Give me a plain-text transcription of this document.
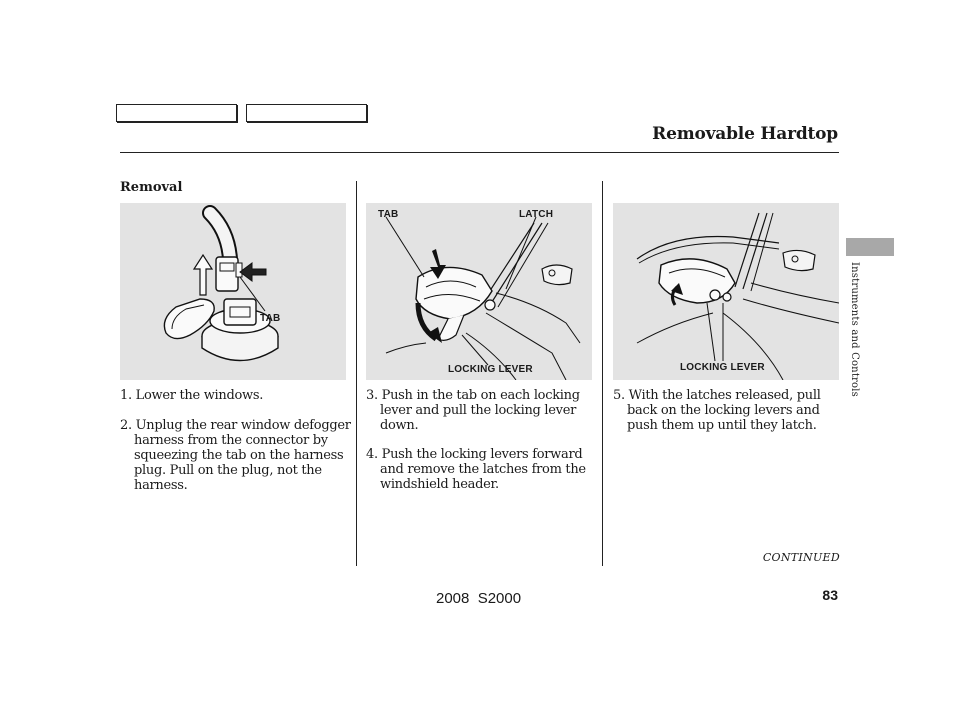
Removable Hardtop
Removal
TAB
TAB	LATCH
LOCKING LEVER	LOCKING LEVER
1. Lower the windows.
2. Unplug the rear window defogger harness from the connector by squeezing the tab on the harness plug. Pull on the plug, not the harness.
3. Push in the tab on each locking lever and pull the locking lever down.
4. Push the locking levers forward and remove the latches from the windshield header.
5. With the latches released, pull back on the locking levers and push them up until they latch.
Instruments and Controls
CONTINUED
2008  S2000	83
